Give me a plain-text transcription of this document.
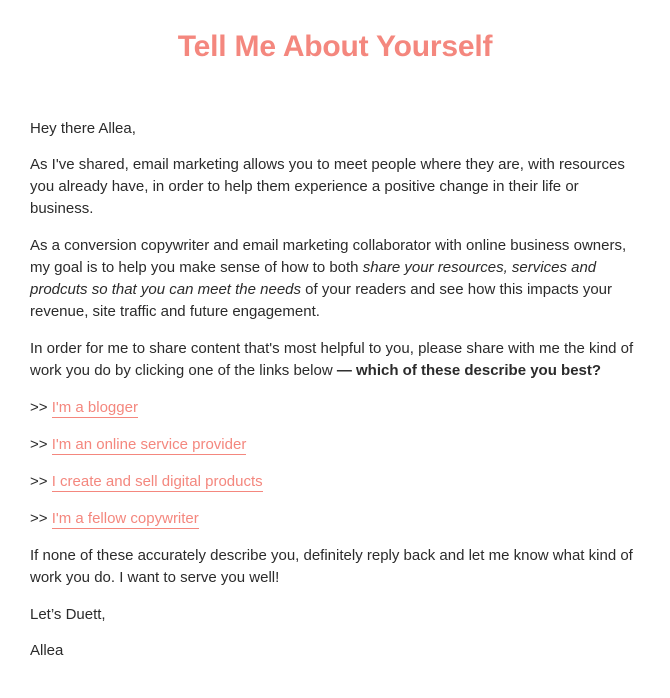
Tell Me About Yourself

Hey there Allea,

As I've shared, email marketing allows you to meet people where they are, with resources you already have, in order to help them experience a positive change in their life or business.

As a conversion copywriter and email marketing collaborator with online business owners, my goal is to help you make sense of how to both share your resources, services and prodcuts so that you can meet the needs of your readers and see how this impacts your revenue, site traffic and future engagement.

In order for me to share content that's most helpful to you, please share with me the kind of work you do by clicking one of the links below — which of these describe you best?

>> I'm a blogger
>> I'm an online service provider
>> I create and sell digital products
>> I'm a fellow copywriter

If none of these accurately describe you, definitely reply back and let me know what kind of work you do. I want to serve you well!

Let’s Duett,

Allea
